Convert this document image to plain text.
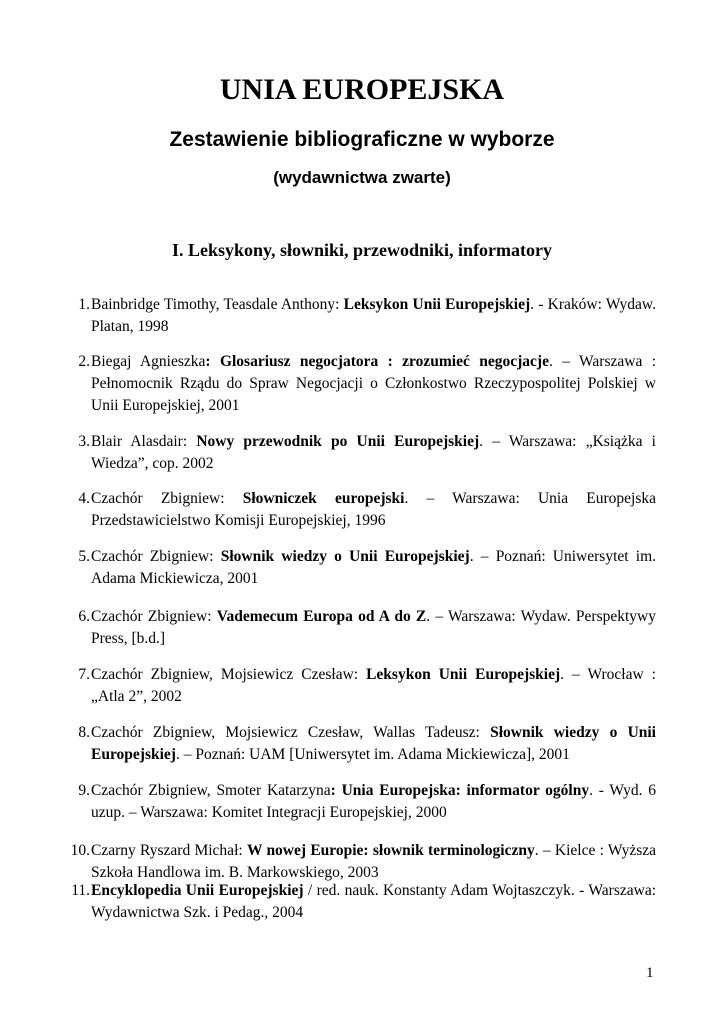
UNIA EUROPEJSKA
Zestawienie bibliograficzne w wyborze
(wydawnictwa zwarte)
I. Leksykony, słowniki, przewodniki, informatory
1. Bainbridge Timothy, Teasdale Anthony: Leksykon Unii Europejskiej. - Kraków: Wydaw. Platan, 1998
2. Biegaj Agnieszka: Glosariusz negocjatora : zrozumieć negocjacje. – Warszawa : Pełnomocnik Rządu do Spraw Negocjacji o Członkostwo Rzeczypospolitej Polskiej w Unii Europejskiej, 2001
3. Blair Alasdair: Nowy przewodnik po Unii Europejskiej. – Warszawa: „Książka i Wiedza”, cop. 2002
4. Czachór Zbigniew: Słowniczek europejski. – Warszawa: Unia Europejska Przedstawicielstwo Komisji Europejskiej, 1996
5. Czachór Zbigniew: Słownik wiedzy o Unii Europejskiej. – Poznań: Uniwersytet im. Adama Mickiewicza, 2001
6. Czachór Zbigniew: Vademecum Europa od A do Z. – Warszawa: Wydaw. Perspektywy Press, [b.d.]
7. Czachór Zbigniew, Mojsiewicz Czesław: Leksykon Unii Europejskiej. – Wrocław : „Atla 2”, 2002
8. Czachór Zbigniew, Mojsiewicz Czesław, Wallas Tadeusz: Słownik wiedzy o Unii Europejskiej. – Poznań: UAM [Uniwersytet im. Adama Mickiewicza], 2001
9. Czachór Zbigniew, Smoter Katarzyna: Unia Europejska: informator ogólny. - Wyd. 6 uzup. – Warszawa: Komitet Integracji Europejskiej, 2000
10. Czarny Ryszard Michał: W nowej Europie: słownik terminologiczny. – Kielce : Wyższa Szkoła Handlowa im. B. Markowskiego, 2003
11. Encyklopedia Unii Europejskiej / red. nauk. Konstanty Adam Wojtaszczyk. - Warszawa: Wydawnictwa Szk. i Pedag., 2004
1
